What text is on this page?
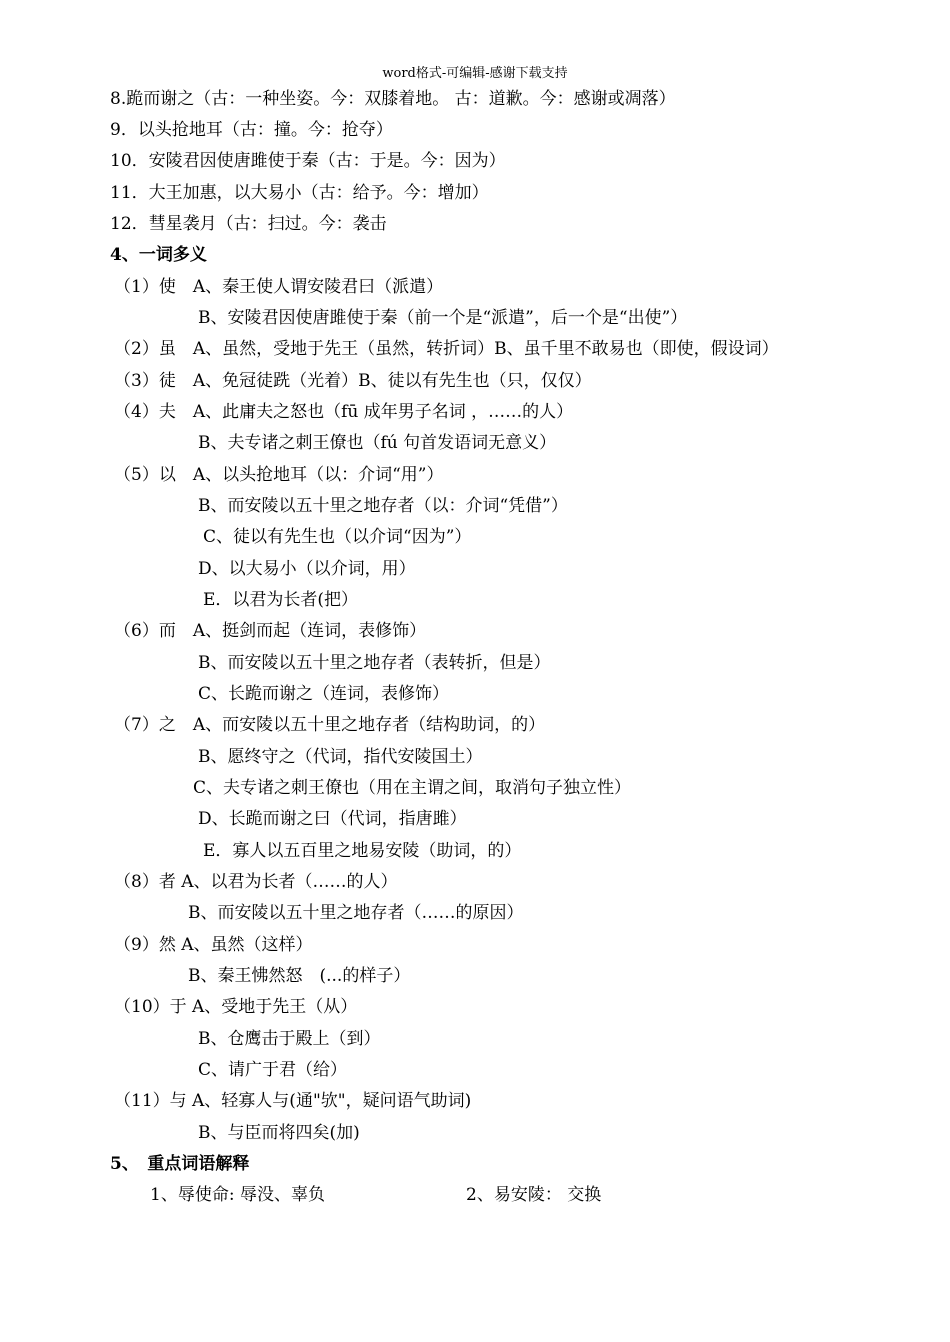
word格式-可编辑-感谢下载支持
8.跪而谢之（古：一种坐姿。今：双膝着地。 古：道歉。今：感谢或凋落）
9．以头抢地耳（古：撞。今：抢夺）
10．安陵君因使唐雎使于秦（古：于是。今：因为）
11．大王加惠，以大易小（古：给予。今：增加）
12．彗星袭月（古：扫过。今：袭击
4、一词多义
（1）使　A、秦王使人谓安陵君曰（派遣）
B、安陵君因使唐雎使于秦（前一个是“派遣”，后一个是“出使”）
（2）虽　A、虽然，受地于先王（虽然，转折词）B、虽千里不敢易也（即使，假设词）
（3）徒　A、免冠徒跣（光着）B、徒以有先生也（只，仅仅）
（4）夫　A、此庸夫之怒也（fū 成年男子名词 ，……的人）
B、夫专诸之刺王僚也（fú 句首发语词无意义）
（5）以　A、以头抢地耳（以：介词“用”）
B、而安陵以五十里之地存者（以：介词“凭借”）
C、徒以有先生也（以介词“因为”）
D、以大易小（以介词，用）
E．以君为长者(把）
（6）而　A、挺剑而起（连词，表修饰）
B、而安陵以五十里之地存者（表转折，但是）
C、长跪而谢之（连词，表修饰）
（7）之　A、而安陵以五十里之地存者（结构助词，的）
B、愿终守之（代词，指代安陵国土）
C、夫专诸之刺王僚也（用在主谓之间，取消句子独立性）
D、长跪而谢之曰（代词，指唐雎）
E．寡人以五百里之地易安陵（助词，的）
（8）者 A、以君为长者（……的人）
B、而安陵以五十里之地存者（……的原因）
（9）然 A、虽然（这样）
B、秦王怫然怒　(...的样子）
（10）于 A、受地于先王（从）
B、仓鹰击于殿上（到）
C、请广于君（给）
（11）与 A、轻寡人与(通"欤"，疑问语气助词)
B、与臣而将四矣(加)
5、　重点词语解释
1、辱使命: 辱没、辜负	2、易安陵： 交换
